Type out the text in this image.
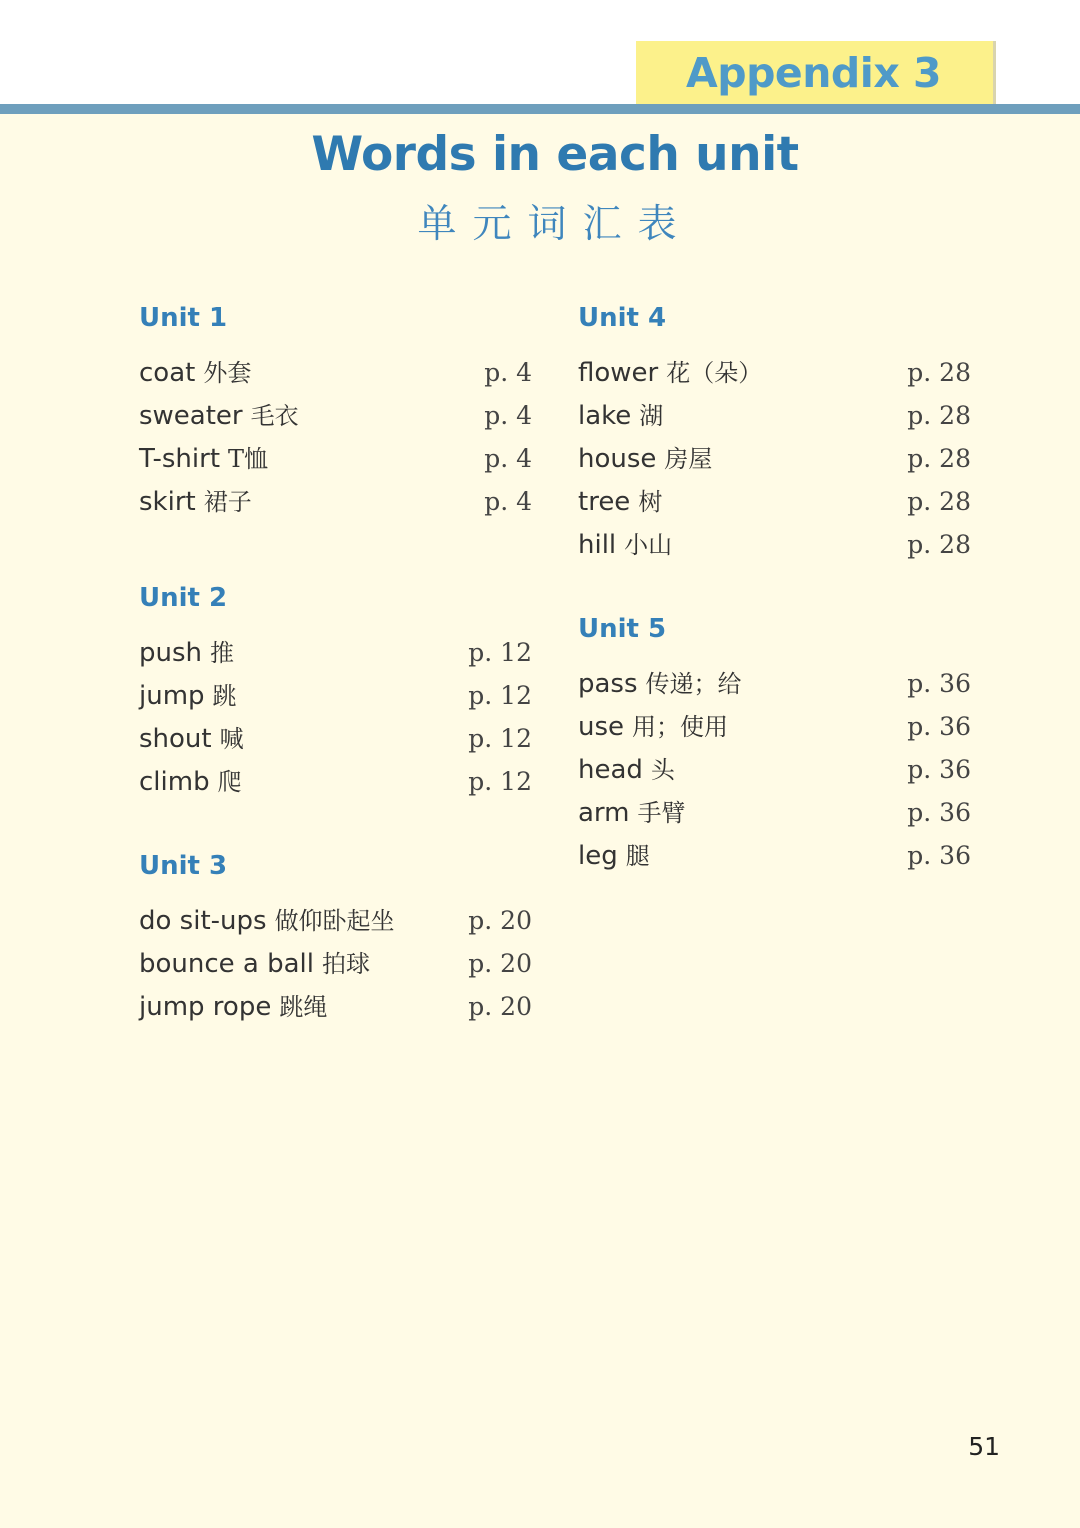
Appendix 3
Words in each unit
单元词汇表
Unit 1
coat 外套	p. 4
sweater 毛衣	p. 4
T-shirt T恤	p. 4
skirt 裙子	p. 4
Unit 2
push 推	p. 12
jump 跳	p. 12
shout 喊	p. 12
climb 爬	p. 12
Unit 3
do sit-ups 做仰卧起坐	p. 20
bounce a ball 拍球	p. 20
jump rope 跳绳	p. 20
Unit 4
flower 花（朵）	p. 28
lake 湖	p. 28
house 房屋	p. 28
tree 树	p. 28
hill 小山	p. 28
Unit 5
pass 传递；给	p. 36
use 用；使用	p. 36
head 头	p. 36
arm 手臂	p. 36
leg 腿	p. 36
51
